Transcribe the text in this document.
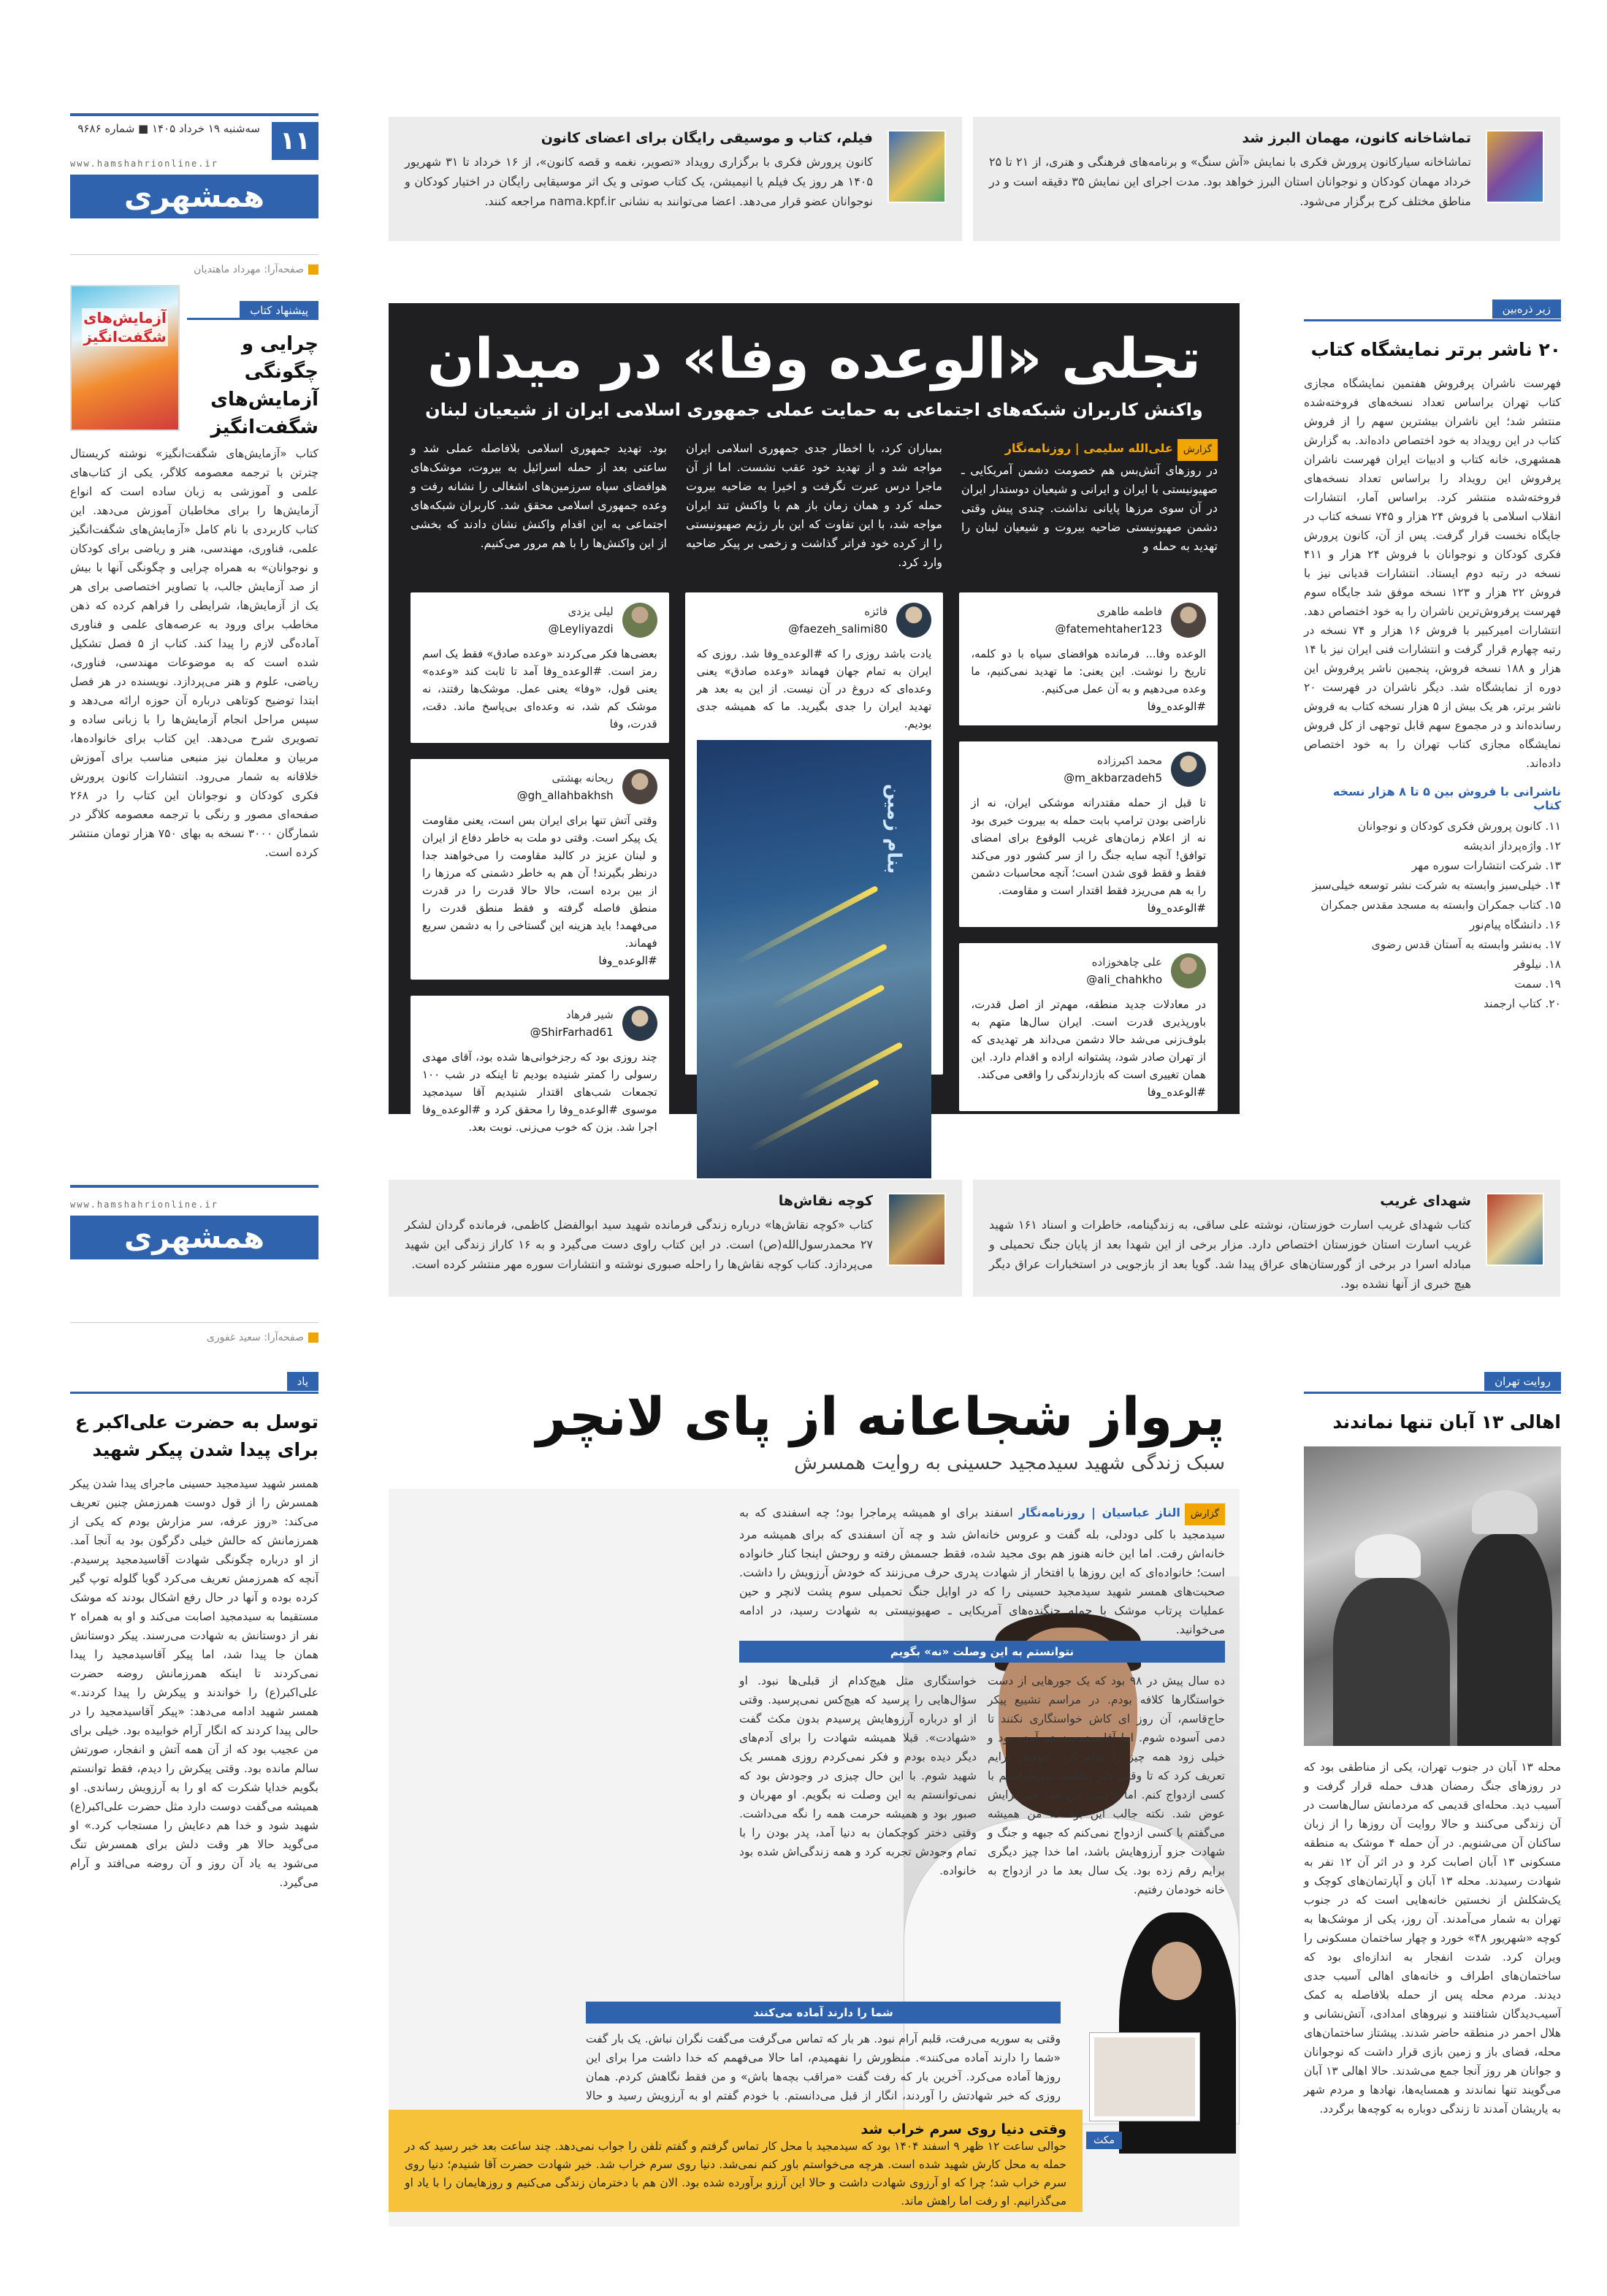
تماشاخانه کانون، مهمان البرز شد
تماشاخانه سیارکانون پرورش فکری با نمایش «آش سنگ» و برنامه‌های فرهنگی و هنری، از ۲۱ تا ۲۵ خرداد مهمان کودکان و نوجوانان استان البرز خواهد بود. مدت اجرای این نمایش ۳۵ دقیقه است و در مناطق مختلف کرج برگزار می‌شود.
فیلم، کتاب و موسیقی رایگان برای اعضای کانون
کانون پرورش فکری با برگزاری رویداد «تصویر، نغمه و قصه کانون»، از ۱۶ خرداد تا ۳۱ شهریور ۱۴۰۵ هر روز یک فیلم یا انیمیشن، یک کتاب صوتی و یک اثر موسیقایی رایگان در اختیار کودکان و نوجوانان عضو قرار می‌دهد. اعضا می‌توانند به نشانی nama.kpf.ir مراجعه کنند.
۱۱
سه‌شنبه ۱۹ خرداد ۱۴۰۵ ■ شماره ۹۶۸۶
www.hamshahrionline.ir
همشهری
صفحه‌آرا: مهرداد ماهتدیان
زیر ذره‌بین
۲۰ ناشر برتر نمایشگاه کتاب
فهرست ناشران پرفروش هفتمین نمایشگاه مجازی کتاب تهران براساس تعداد نسخه‌های فروخته‌شده منتشر شد؛ این ناشران بیشترین سهم را از فروش کتاب در این رویداد به خود اختصاص داده‌اند. به گزارش همشهری، خانه کتاب و ادبیات ایران فهرست ناشران پرفروش این رویداد را براساس تعداد نسخه‌های فروخته‌شده منتشر کرد. براساس آمار، انتشارات انقلاب اسلامی با فروش ۲۴ هزار و ۷۴۵ نسخه کتاب در جایگاه نخست قرار گرفت. پس از آن، کانون پرورش فکری کودکان و نوجوانان با فروش ۲۴ هزار و ۴۱۱ نسخه در رتبه دوم ایستاد. انتشارات قدیانی نیز با فروش ۲۲ هزار و ۱۲۳ نسخه موفق شد جایگاه سوم فهرست پرفروش‌ترین ناشران را به خود اختصاص دهد. انتشارات امیرکبیر با فروش ۱۶ هزار و ۷۴ نسخه در رتبه چهارم قرار گرفت و انتشارات فنی ایران نیز با ۱۴ هزار و ۱۸۸ نسخه فروش، پنجمین ناشر پرفروش این دوره از نمایشگاه شد. دیگر ناشران در فهرست ۲۰ ناشر برتر، هر یک بیش از ۵ هزار نسخه کتاب به فروش رسانده‌اند و در مجموع سهم قابل توجهی از کل فروش نمایشگاه مجازی کتاب تهران را به خود اختصاص داده‌اند.
ناشرانی با فروش بین ۵ تا ۸ هزار نسخه کتاب
۱۱. کانون پرورش فکری کودکان و نوجوانان
۱۲. واژه‌پرداز اندیشه
۱۳. شرکت انتشارات سوره مهر
۱۴. خیلی‌سبز وابسته به شرکت نشر توسعه خیلی‌سبز
۱۵. کتاب جمکران وابسته به مسجد مقدس جمکران
۱۶. دانشگاه پیام‌نور
۱۷. به‌نشر وابسته به آستان قدس رضوی
۱۸. نیلوفر
۱۹. سمت
۲۰. کتاب ارجمند
آزمایش‌های شگفت‌انگیز
پیشنهاد کتاب
چرایی و چگونگی آزمایش‌های شگفت‌انگیز
کتاب «آزمایش‌های شگفت‌انگیز» نوشته کریستال چترتن با ترجمه معصومه کلاگر، یکی از کتاب‌های علمی و آموزشی به زبان ساده است که انواع آزمایش‌ها را برای مخاطبان آموزش می‌دهد. این کتاب کاربردی با نام کامل «آزمایش‌های شگفت‌انگیز علمی، فناوری، مهندسی، هنر و ریاضی برای کودکان و نوجوانان» به همراه چرایی و چگونگی آنها با بیش از صد آزمایش جالب، با تصاویر اختصاصی برای هر یک از آزمایش‌ها، شرایطی را فراهم کرده که ذهن مخاطب برای ورود به عرصه‌های علمی و فناوری آماده‌گی لازم را پیدا کند. کتاب از ۵ فصل تشکیل شده است که به موضوعات مهندسی، فناوری، ریاضی، علوم و هنر می‌پردازد. نویسنده در هر فصل ابتدا توضیح کوتاهی درباره آن حوزه ارائه می‌دهد و سپس مراحل انجام آزمایش‌ها را با زبانی ساده و تصویری شرح می‌دهد. این کتاب برای خانواده‌ها، مربیان و معلمان نیز منبعی مناسب برای آموزش خلاقانه به شمار می‌رود. انتشارات کانون پرورش فکری کودکان و نوجوانان این کتاب را در ۲۶۸ صفحه‌ای مصور و رنگی با ترجمه معصومه کلاگر در شمارگان ۳۰۰۰ نسخه به بهای ۷۵۰ هزار تومان منتشر کرده است.
تجلی «الوعده وفا» در میدان
واکنش کاربران شبکه‌های اجتماعی به حمایت عملی جمهوری اسلامی ایران از شیعیان لبنان
گزارشعلی‌الله سلیمی | روزنامه‌نگار
در روزهای آتش‌بس هم خصومت دشمن آمریکایی ـ صهیونیستی با ایران و ایرانی و شیعیان دوستدار ایران در آن سوی مرزها پایانی نداشت. چندی پیش وقتی دشمن صهیونیستی ضاحیه بیروت و شیعیان لبنان را تهدید به حمله و
بمباران کرد، با اخطار جدی جمهوری اسلامی ایران مواجه شد و از تهدید خود عقب نشست. اما از آن ماجرا درس عبرت نگرفت و اخیرا به ضاحیه بیروت حمله کرد و همان زمان باز هم با واکنش تند ایران مواجه شد، با این تفاوت که این بار رژیم صهیونیستی را از کرده خود فراتر گذاشت و زخمی بر پیکر ضاحیه وارد کرد.
بود. تهدید جمهوری اسلامی بلافاصله عملی شد و ساعتی بعد از حمله اسرائیل به بیروت، موشک‌های هوافضای سپاه سرزمین‌های اشغالی را نشانه رفت و وعده جمهوری اسلامی محقق شد. کاربران شبکه‌های اجتماعی به این اقدام واکنش نشان دادند که بخشی از این واکنش‌ها را با هم مرور می‌کنیم.
فاطمه طاهری
@fatemehtaher123
الوعده وفا... فرمانده هوافضای سپاه با دو کلمه، تاریخ را نوشت. این یعنی: ما تهدید نمی‌کنیم، ما وعده می‌دهیم و به آن عمل می‌کنیم.
#الوعده_وفا
محمد اکبرزاده
@m_akbarzadeh5
تا قبل از حمله مقتدرانه موشکی ایران، نه از ناراضی بودن ترامپ بابت حمله به بیروت خبری بود نه از اعلام زمان‌های غریب الوقوع برای امضای توافق! آنچه سایه جنگ را از سر کشور دور می‌کند فقط و فقط قوی شدن است؛ آنچه محاسبات دشمن را به هم می‌ریزد فقط اقتدار است و مقاومت.
#الوعده_وفا
علی چاهخوزاده
@ali_chahkho
در معادلات جدید منطقه، مهم‌تر از اصل قدرت، باورپذیری قدرت است. ایران سال‌ها متهم به بلوف‌زنی می‌شد حالا دشمن می‌داند هر تهدیدی که از تهران صادر شود، پشتوانه اراده و اقدام دارد. این همان تغییری است که بازدارندگی را واقعی می‌کند.
#الوعده_وفا
فائزه
@faezeh_salimi80
یادت باشد روزی را که #الوعده_وفا شد. روزی که ایران به تمام جهان فهماند «وعده صادق» یعنی وعده‌ای که دروغ در آن نیست. از این به بعد هر تهدید ایران را جدی بگیرید. ما که همیشه جدی بودیم.
بنام زمین
لیلی یزدی
@Leyliyazdi
بعضی‌ها فکر می‌کردند «وعده صادق» فقط یک اسم رمز است. #الوعده_وفا آمد تا ثابت کند «وعده» یعنی قول، «وفا» یعنی عمل. موشک‌ها رفتند، نه موشک کم شد، نه وعده‌ای بی‌پاسخ ماند. دقت، قدرت، وفا
ریحانه بهشتی
@gh_allahbakhsh
وقتی آتش تنها برای ایران بس است، یعنی مقاومت یک پیکر است. وقتی دو ملت به خاطر دفاع از ایران و لبنان عزیز در کالبد مقاومت را می‌خواهند جدا درنظر بگیرند! آن هم به خاطر دشمنی که مرزها را از بین برده است، حالا حالا قدرت را در قدرت منطق فاصله گرفته و فقط منطق قدرت را می‌فهمد! باید هزینه این گستاخی را به دشمن سریع فهماند.
#الوعده_وفا
شیر فرهاد
@ShirFarhad61
چند روزی بود که رجزخوانی‌ها شده بود، آقای مهدی رسولی را کمتر شنیده بودیم تا اینکه در شب ۱۰۰ تجمعات شب‌های اقتدار شنیدیم آقا سیدمجید موسوی #الوعده_وفا را محقق کرد و #الوعده_وفا اجرا شد. بزن که خوب می‌زنی. نوبت بعد.
شهدای غریب
کتاب شهدای غریب اسارت خوزستان، نوشته علی ساقی، به زندگینامه، خاطرات و اسناد ۱۶۱ شهید غریب اسارت استان خوزستان اختصاص دارد. مزار برخی از این شهدا بعد از پایان جنگ تحمیلی و مبادله اسرا در برخی از گورستان‌های عراق پیدا شد. گویا بعد از بازجویی در استخبارات عراق دیگر هیچ خبری از آنها نشده بود.
کوچه نقاش‌ها
کتاب «کوچه نقاش‌ها» درباره زندگی فرمانده شهید سید ابوالفضل کاظمی، فرمانده گردان لشکر ۲۷ محمدرسول‌الله(ص) است. در این کتاب راوی دست می‌گیرد و به ۱۶ کاراز زندگی این شهید می‌پردازد. کتاب کوچه نقاش‌ها را راحله صبوری نوشته و انتشارات سوره مهر منتشر کرده است.
www.hamshahrionline.ir
همشهری
صفحه‌آرا: سعید غفوری
روایت تهران
اهالی ۱۳ آبان تنها نماندند
محله ۱۳ آبان در جنوب تهران، یکی از مناطقی بود که در روزهای جنگ رمضان هدف حمله قرار گرفت و آسیب دید. محله‌ای قدیمی که مردمانش سال‌هاست در آن زندگی می‌کنند و حالا روایت آن روزها را از زبان ساکنان آن می‌شنویم. در آن حمله ۴ موشک به منطقه مسکونی ۱۳ آبان اصابت کرد و در اثر آن ۱۲ نفر به شهادت رسیدند. محله ۱۳ آبان و آپارتمان‌های کوچک و یک‌شکلش از نخستین خانه‌هایی است که در جنوب تهران به شمار می‌آمدند. آن روز، یکی از موشک‌ها به کوچه «شهریور ۴۸» خورد و چهار ساختمان مسکونی را ویران کرد. شدت انفجار به اندازه‌ای بود که ساختمان‌های اطراف و خانه‌های اهالی آسیب جدی دیدند. مردم محله پس از حمله بلافاصله به کمک آسیب‌دیدگان شتافتند و نیروهای امدادی، آتش‌نشانی و هلال احمر در منطقه حاضر شدند. پیشتاز ساختمان‌های محله، فضای باز و زمین بازی قرار داشت که نوجوانان و جوانان هر روز آنجا جمع می‌شدند. حالا اهالی ۱۳ آبان می‌گویند تنها نماندند و همسایه‌ها، نهادها و مردم شهر به یاریشان آمدند تا زندگی دوباره به کوچه‌ها برگردد.
یاد
توسل به حضرت علی‌اکبر ع برای پیدا شدن پیکر شهید
همسر شهید سیدمجید حسینی ماجرای پیدا شدن پیکر همسرش را از قول دوست همرزمش چنین تعریف می‌کند: «روز عرفه، سر مزارش بودم که یکی از همرزمانش که حالش خیلی دگرگون بود به آنجا آمد. از او درباره چگونگی شهادت آقاسیدمجید پرسیدم. آنچه که همرزمش تعریف می‌کرد گویا گلوله توپ گیر کرده بوده و آنها در حال رفع اشکال بودند که موشک مستقیما به سیدمجید اصابت می‌کند و او به همراه ۲ نفر از دوستانش به شهادت می‌رسند. پیکر دوستانش همان جا پیدا شد، اما پیکر آقاسیدمجید را پیدا نمی‌کردند تا اینکه همرزمانش روضه حضرت علی‌اکبر(ع) را خواندند و پیکرش را پیدا کردند.» همسر شهید ادامه می‌دهد: «پیکر آقاسیدمجید را در حالی پیدا کردند که انگار آرام خوابیده بود. خیلی برای من عجیب بود که از آن همه آتش و انفجار، صورتش سالم مانده بود. وقتی پیکرش را دیدم، فقط توانستم بگویم خدایا شکرت که او را به آرزویش رساندی. او همیشه می‌گفت دوست دارد مثل حضرت علی‌اکبر(ع) شهید شود و خدا هم دعایش را مستجاب کرد.» او می‌گوید حالا هر وقت دلش برای همسرش تنگ می‌شود به یاد آن روز و آن روضه می‌افتد و آرام می‌گیرد.
پرواز شجاعانه از پای لانچر
سبک زندگی شهید سیدمجید حسینی به روایت همسرش
گزارشالناز عباسیان | روزنامه‌نگار اسفند برای او همیشه پرماجرا بود؛ چه اسفندی که به سیدمجید با کلی دودلی، بله گفت و عروس خانه‌اش شد و چه آن اسفندی که برای همیشه مرد خانه‌اش رفت. اما این خانه هنوز هم بوی مجید شده، فقط جسمش رفته و روحش اینجا کنار خانواده است؛ خانواده‌ای که این روزها با افتخار از شهادت پدری حرف می‌زنند که خودش آرزویش را داشت. صحبت‌های همسر شهید سیدمجید حسینی را که در اوایل جنگ تحمیلی سوم پشت لانچر و حین عملیات پرتاب موشک با حمله جنگنده‌های آمریکایی ـ صهیونیستی به شهادت رسید، در ادامه می‌خوانید.
نتوانستم به این وصلت «نه» بگویم
ده سال پیش در ۹۸ بود که یک جورهایی از دست خواستگارها کلافه بودم. در مراسم تشییع پیکر حاج‌قاسم، آن روز ای کاش خواستگاری نکنند تا دمی آسوده شوم. اما آقاسیدمجید هم آمده بود و خیلی زود همه چیز را تمام کرد. خودش برایم تعریف کرد که تا وقتی خبر نداشت نمی‌خواستم با کسی ازدواج کنم. اما با دیدن من همه چیز برایش عوض شد. نکته جالب این بود که من همیشه می‌گفتم با کسی ازدواج نمی‌کنم که جبهه و جنگ و شهادت جزو آرزوهایش باشد، اما خدا چیز دیگری برایم رقم زده بود. یک سال بعد ما در ازدواج به خانه خودمان رفتیم.
خواستگاری مثل هیچ‌کدام از قبلی‌ها نبود. او سؤال‌هایی را پرسید که هیچ‌کس نمی‌پرسید. وقتی از او درباره آرزوهایش پرسیدم بدون مکث گفت «شهادت». قبلا همیشه شهادت را برای آدم‌های دیگر دیده بودم و فکر نمی‌کردم روزی همسر یک شهید شوم. با این حال چیزی در وجودش بود که نمی‌توانستم به این وصلت نه بگویم. او مهربان و صبور بود و همیشه حرمت همه را نگه می‌داشت. وقتی دختر کوچکمان به دنیا آمد، پدر بودن را با تمام وجودش تجربه کرد و همه زندگی‌اش شده بود خانواده.
شما را دارند آماده می‌کنند
وقتی به سوریه می‌رفت، قلبم آرام نبود. هر بار که تماس می‌گرفت می‌گفت نگران نباش. یک بار گفت «شما را دارند آماده می‌کنند». منظورش را نفهمیدم، اما حالا می‌فهمم که خدا داشت مرا برای این روزها آماده می‌کرد. آخرین بار که رفت گفت «مراقب بچه‌ها باش» و من فقط نگاهش کردم. همان روزی که خبر شهادتش را آوردند، انگار از قبل می‌دانستم. با خودم گفتم او به آرزویش رسید و حالا
وقتی دنیا روی سرم خراب شد
حوالی ساعت ۱۲ ظهر ۹ اسفند ۱۴۰۴ بود که سیدمجید با محل کار تماس گرفتم و گفتم تلفن را جواب نمی‌دهد. چند ساعت بعد خبر رسید که در حمله به محل کارش شهید شده است. هرچه می‌خواستم باور کنم نمی‌شد. دنیا روی سرم خراب شد. خیر شهادت حضرت آقا شنیدم؛ دنیا روی سرم خراب شد؛ چرا که او آرزوی شهادت داشت و حالا این آرزو برآورده شده بود. الان هم با دخترمان زندگی می‌کنیم و روزهایمان را با یاد او می‌گذرانیم. او رفت اما راهش ماند.
مکث
